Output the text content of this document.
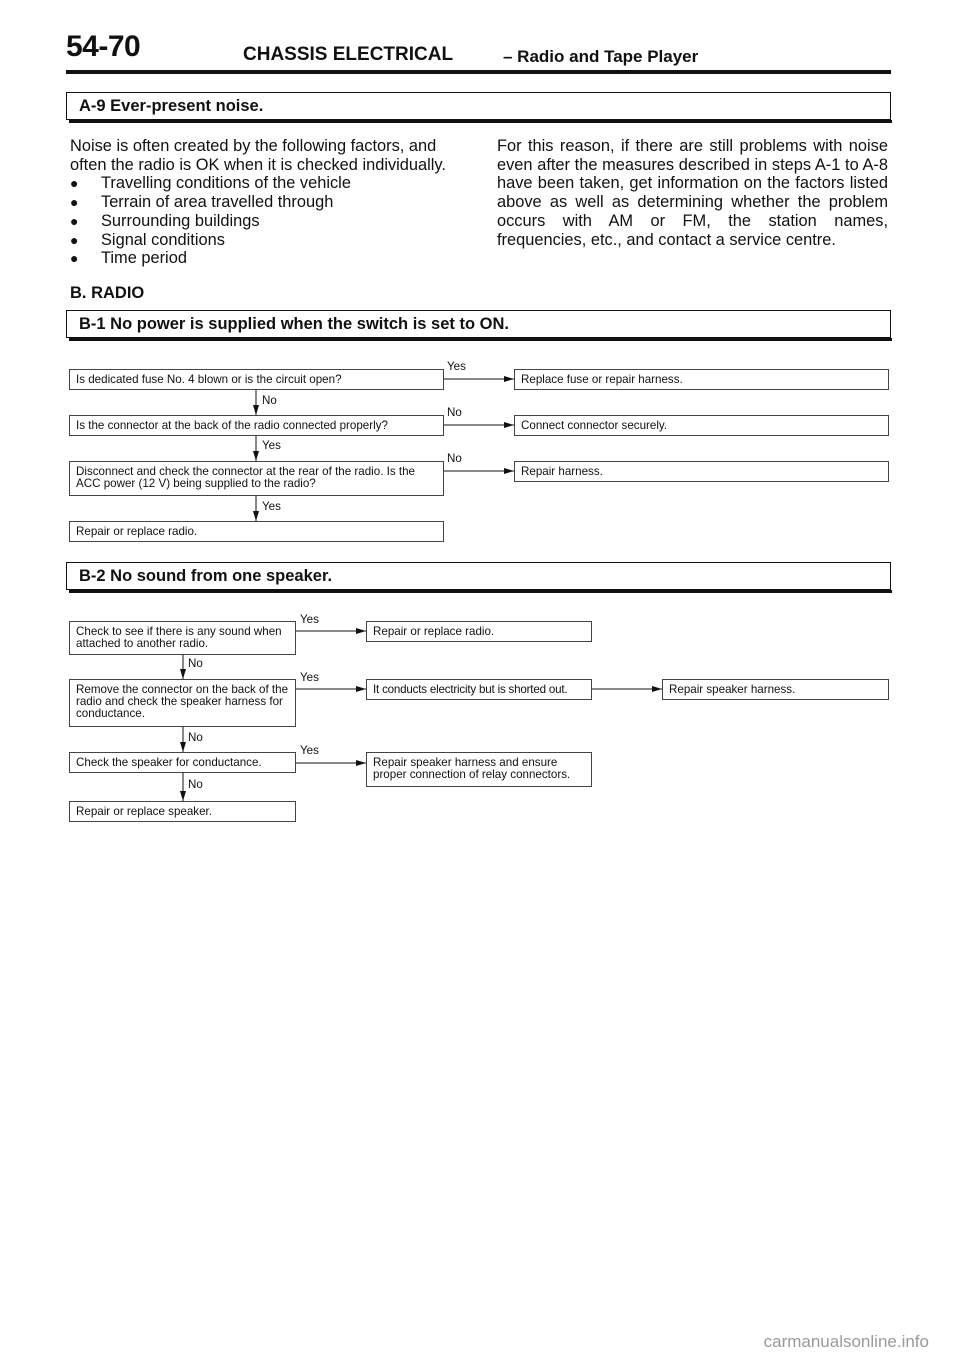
54-70	CHASSIS ELECTRICAL	– Radio and Tape Player
A-9 Ever-present noise.
Noise is often created by the following factors, and
often the radio is OK when it is checked individually.
● Travelling conditions of the vehicle
● Terrain of area travelled through
● Surrounding buildings
● Signal conditions
● Time period
For this reason, if there are still problems with noise even after the measures described in steps A-1 to A-8 have been taken, get information on the factors listed above as well as determining whether the problem occurs with AM or FM, the station names, frequencies, etc., and contact a service centre.
B. RADIO
B-1 No power is supplied when the switch is set to ON.
Is dedicated fuse No. 4 blown or is the circuit open?
Is the connector at the back of the radio connected properly?
Disconnect and check the connector at the rear of the radio. Is the ACC power (12 V) being supplied to the radio?
Repair or replace radio.
Replace fuse or repair harness.
Connect connector securely.
Repair harness.
Yes
No
No
No
Yes
Yes
B-2 No sound from one speaker.
Check to see if there is any sound when attached to another radio.
Remove the connector on the back of the radio and check the speaker harness for conductance.
Check the speaker for conductance.
Repair or replace speaker.
Repair or replace radio.
It conducts electricity but is shorted out.
Repair speaker harness and ensure proper connection of relay connectors.
Repair speaker harness.
Yes
Yes
Yes
No
No
No
carmanualsonline.info
